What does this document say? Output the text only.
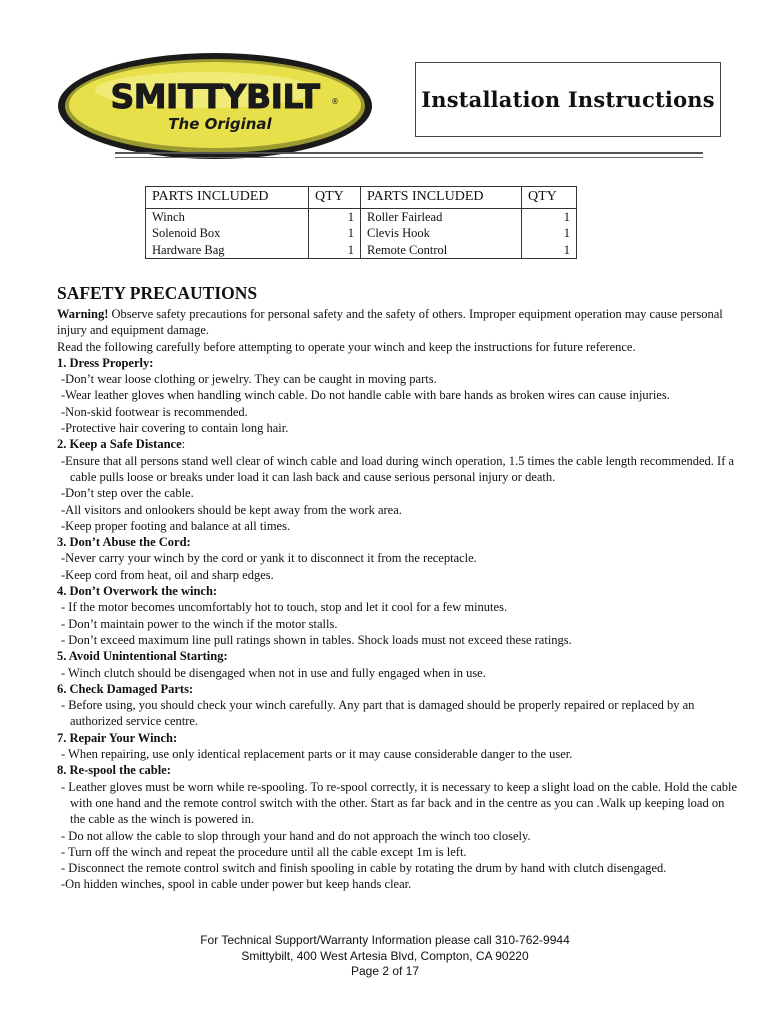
SMITTYBILT ®
The Original
Installation Instructions
PARTS INCLUDED	QTY	PARTS INCLUDED	QTY
Winch	1	Roller Fairlead	1
Solenoid Box	1	Clevis Hook	1
Hardware Bag	1	Remote Control	1
SAFETY PRECAUTIONS

Warning! Observe safety precautions for personal safety and the safety of others. Improper equipment operation may cause personal injury and equipment damage.

Read the following carefully before attempting to operate your winch and keep the instructions for future reference.

1. Dress Properly:

-Don’t wear loose clothing or jewelry. They can be caught in moving parts.

-Wear leather gloves when handling winch cable. Do not handle cable with bare hands as broken wires can cause injuries.

-Non-skid footwear is recommended.

-Protective hair covering to contain long hair.

2. Keep a Safe Distance:

-Ensure that all persons stand well clear of winch cable and load during winch operation, 1.5 times the cable length recommended. If a cable pulls loose or breaks under load it can lash back and cause serious personal injury or death.

-Don’t step over the cable.

-All visitors and onlookers should be kept away from the work area.

-Keep proper footing and balance at all times.

3. Don’t Abuse the Cord:

-Never carry your winch by the cord or yank it to disconnect it from the receptacle.

-Keep cord from heat, oil and sharp edges.

4. Don’t Overwork the winch:

- If the motor becomes uncomfortably hot to touch, stop and let it cool for a few minutes.

- Don’t maintain power to the winch if the motor stalls.

- Don’t exceed maximum line pull ratings shown in tables. Shock loads must not exceed these ratings.

5. Avoid Unintentional Starting:

- Winch clutch should be disengaged when not in use and fully engaged when in use.

6. Check Damaged Parts:

- Before using, you should check your winch carefully. Any part that is damaged should be properly repaired or replaced by an authorized service centre.

7. Repair Your Winch:

- When repairing, use only identical replacement parts or it may cause considerable danger to the user.

8. Re-spool the cable:

- Leather gloves must be worn while re-spooling. To re-spool correctly, it is necessary to keep a slight load on the cable. Hold the cable with one hand and the remote control switch with the other. Start as far back and in the centre as you can .Walk up keeping load on the cable as the winch is powered in.

- Do not allow the cable to slop through your hand and do not approach the winch too closely.

- Turn off the winch and repeat the procedure until all the cable except 1m is left.

- Disconnect the remote control switch and finish spooling in cable by rotating the drum by hand with clutch disengaged.

-On hidden winches, spool in cable under power but keep hands clear.

For Technical Support/Warranty Information please call 310-762-9944
Smittybilt, 400 West Artesia Blvd, Compton, CA 90220
Page 2 of 17
